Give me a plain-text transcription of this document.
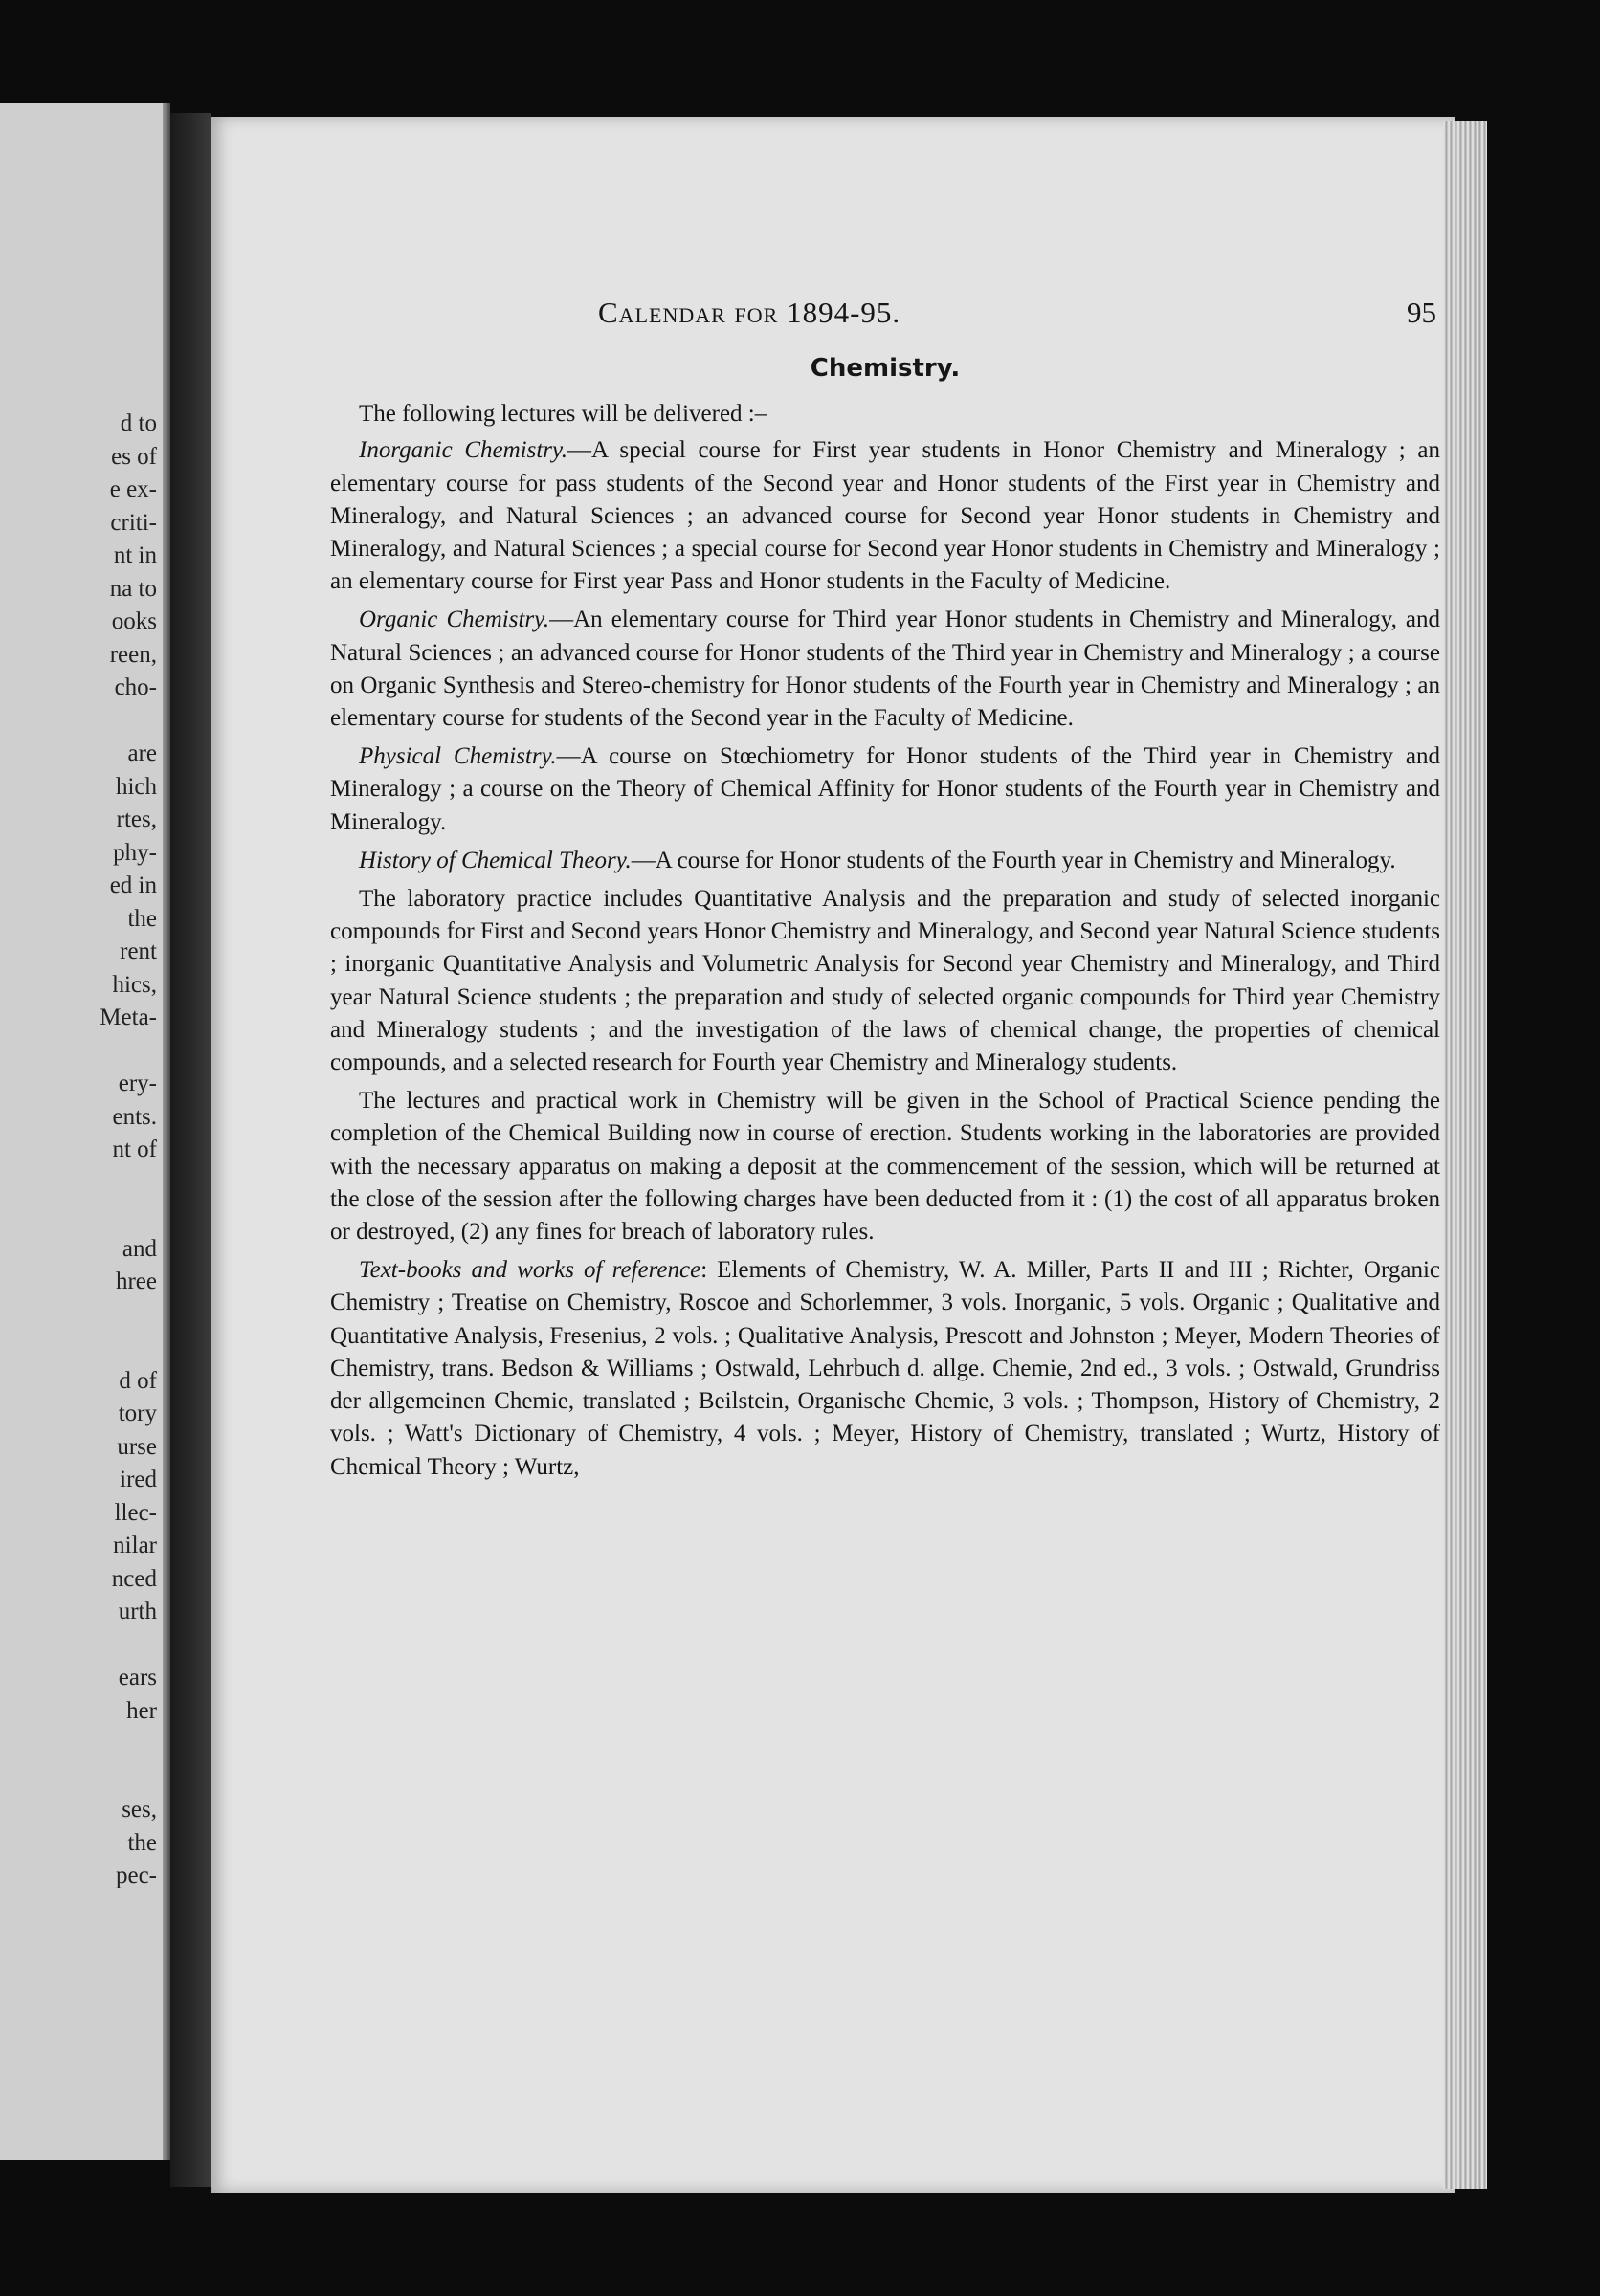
d to
es of
e ex-
criti-
nt in
na to
ooks
reen,
cho-
are
hich
rtes,
phy-
ed in
the
rent
hics,
Meta-
ery-
ents.
nt of
and
hree
d of
tory
urse
ired
llec-
nilar
nced
urth
ears
her
ses,
the
pec-
Calendar for 1894-95.	95
Chemistry.

The following lectures will be delivered :–

Inorganic Chemistry.—A special course for First year students in Honor Chemistry and Mineralogy ; an elementary course for pass students of the Second year and Honor students of the First year in Chemistry and Mineralogy, and Natural Sciences ; an advanced course for Second year Honor students in Chemistry and Mineralogy, and Natural Sciences ; a special course for Second year Honor students in Chemistry and Mineralogy ; an elementary course for First year Pass and Honor students in the Faculty of Medicine.

Organic Chemistry.—An elementary course for Third year Honor students in Chemistry and Mineralogy, and Natural Sciences ; an advanced course for Honor students of the Third year in Chemistry and Mineralogy ; a course on Organic Synthesis and Stereo-chemistry for Honor students of the Fourth year in Chemistry and Mineralogy ; an elementary course for students of the Second year in the Faculty of Medicine.

Physical Chemistry.—A course on Stœchiometry for Honor students of the Third year in Chemistry and Mineralogy ; a course on the Theory of Chemical Affinity for Honor students of the Fourth year in Chemistry and Mineralogy.

History of Chemical Theory.—A course for Honor students of the Fourth year in Chemistry and Mineralogy.

The laboratory practice includes Quantitative Analysis and the preparation and study of selected inorganic compounds for First and Second years Honor Chemistry and Mineralogy, and Second year Natural Science students ; inorganic Quantitative Analysis and Volumetric Analysis for Second year Chemistry and Mineralogy, and Third year Natural Science students ; the preparation and study of selected organic compounds for Third year Chemistry and Mineralogy students ; and the investigation of the laws of chemical change, the properties of chemical compounds, and a selected research for Fourth year Chemistry and Mineralogy students.

The lectures and practical work in Chemistry will be given in the School of Practical Science pending the completion of the Chemical Building now in course of erection. Students working in the laboratories are provided with the necessary apparatus on making a deposit at the commencement of the session, which will be returned at the close of the session after the following charges have been deducted from it : (1) the cost of all apparatus broken or destroyed, (2) any fines for breach of laboratory rules.

Text-books and works of reference: Elements of Chemistry, W. A. Miller, Parts II and III ; Richter, Organic Chemistry ; Treatise on Chemistry, Roscoe and Schorlemmer, 3 vols. Inorganic, 5 vols. Organic ; Qualitative and Quantitative Analysis, Fresenius, 2 vols. ; Qualitative Analysis, Prescott and Johnston ; Meyer, Modern Theories of Chemistry, trans. Bedson & Williams ; Ostwald, Lehrbuch d. allge. Chemie, 2nd ed., 3 vols. ; Ostwald, Grundriss der allgemeinen Chemie, translated ; Beilstein, Organische Chemie, 3 vols. ; Thompson, History of Chemistry, 2 vols. ; Watt's Dictionary of Chemistry, 4 vols. ; Meyer, History of Chemistry, translated ; Wurtz, History of Chemical Theory ; Wurtz,
